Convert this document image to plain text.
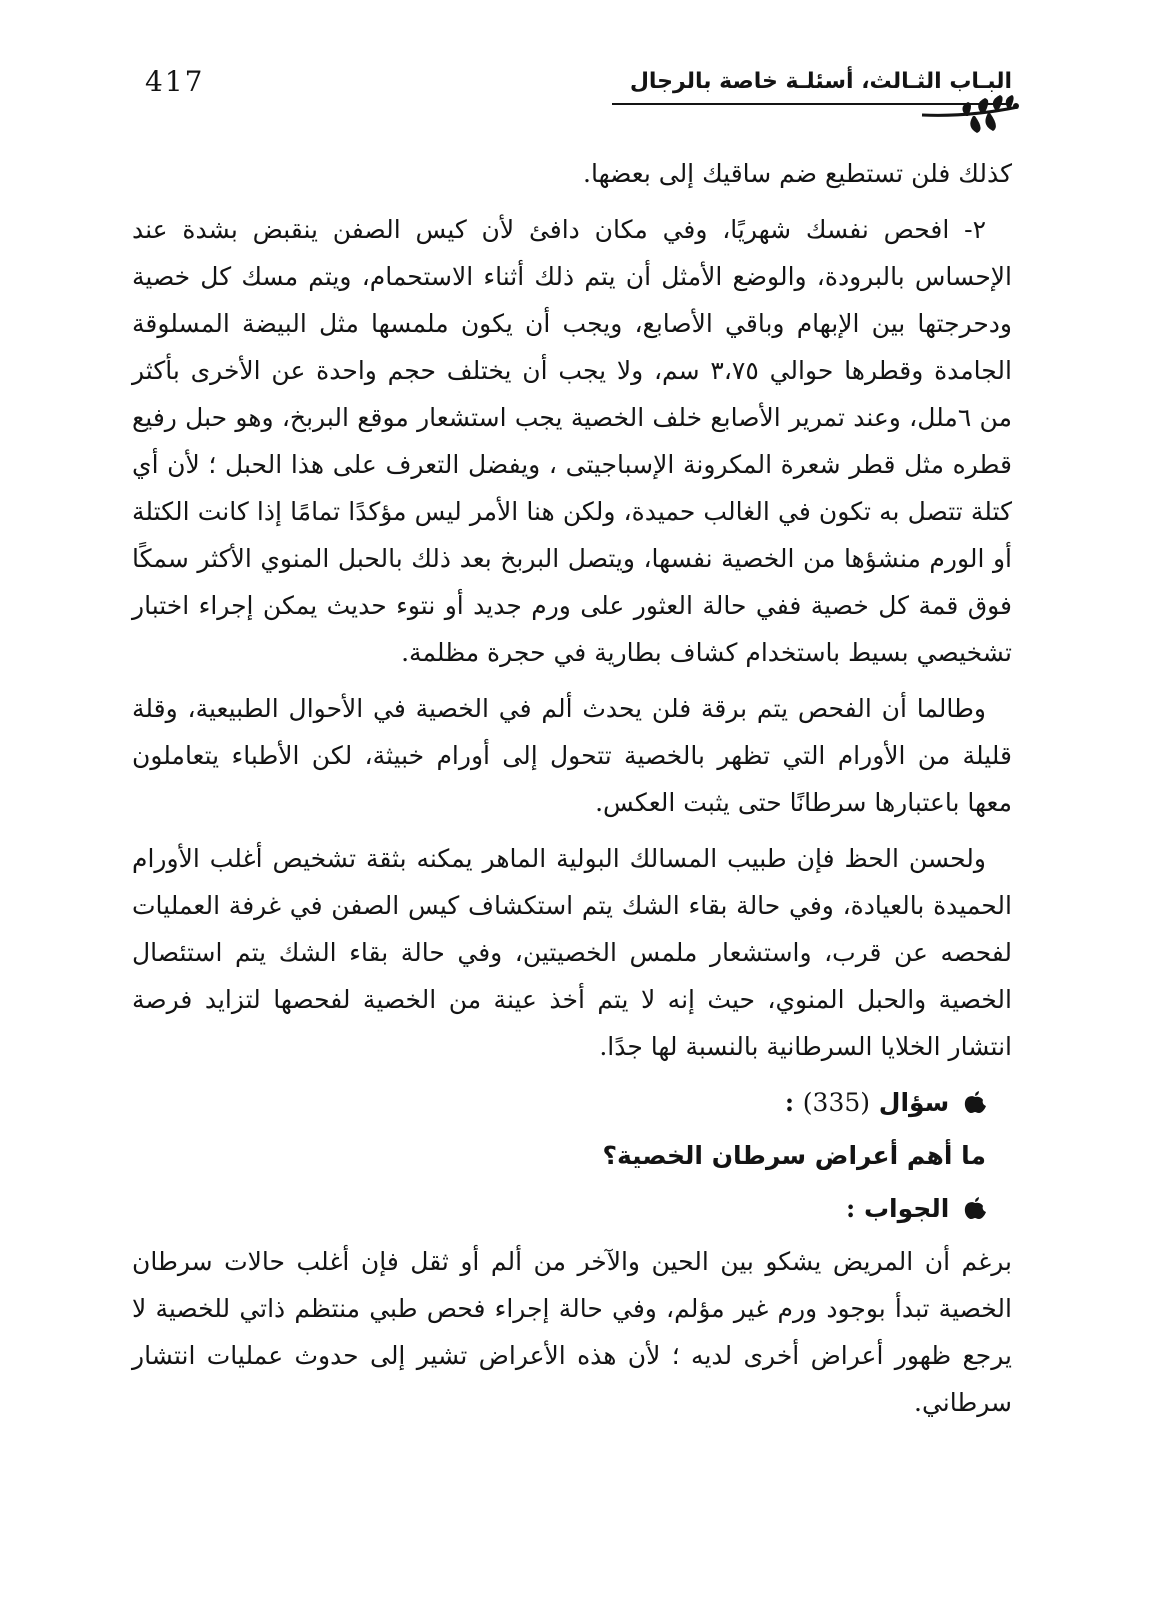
417	البـاب الثـالث، أسئلـة خاصة بالرجال

كذلك فلن تستطيع ضم ساقيك إلى بعضها.

٢- افحص نفسك شهريًا، وفي مكان دافئ لأن كيس الصفن ينقبض بشدة عند الإحساس بالبرودة، والوضع الأمثل أن يتم ذلك أثناء الاستحمام، ويتم مسك كل خصية ودحرجتها بين الإبهام وباقي الأصابع، ويجب أن يكون ملمسها مثل البيضة المسلوقة الجامدة وقطرها حوالي ٣،٧٥ سم، ولا يجب أن يختلف حجم واحدة عن الأخرى بأكثر من ٦ملل، وعند تمرير الأصابع خلف الخصية يجب استشعار موقع البربخ، وهو حبل رفيع قطره مثل قطر شعرة المكرونة الإسباجيتى ، ويفضل التعرف على هذا الحبل ؛ لأن أي كتلة تتصل به تكون في الغالب حميدة، ولكن هنا الأمر ليس مؤكدًا تمامًا إذا كانت الكتلة أو الورم منشؤها من الخصية نفسها، ويتصل البربخ بعد ذلك بالحبل المنوي الأكثر سمكًا فوق قمة كل خصية ففي حالة العثور على ورم جديد أو نتوء حديث يمكن إجراء اختبار تشخيصي بسيط باستخدام كشاف بطارية في حجرة مظلمة.

وطالما أن الفحص يتم برقة فلن يحدث ألم في الخصية في الأحوال الطبيعية، وقلة قليلة من الأورام التي تظهر بالخصية تتحول إلى أورام خبيثة، لكن الأطباء يتعاملون معها باعتبارها سرطانًا حتى يثبت العكس.

ولحسن الحظ فإن طبيب المسالك البولية الماهر يمكنه بثقة تشخيص أغلب الأورام الحميدة بالعيادة، وفي حالة بقاء الشك يتم استكشاف كيس الصفن في غرفة العمليات لفحصه عن قرب، واستشعار ملمس الخصيتين، وفي حالة بقاء الشك يتم استئصال الخصية والحبل المنوي، حيث إنه لا يتم أخذ عينة من الخصية لفحصها لتزايد فرصة انتشار الخلايا السرطانية بالنسبة لها جدًا.

سؤال (335) :
ما أهم أعراض سرطان الخصية؟
الجواب :

برغم أن المريض يشكو بين الحين والآخر من ألم أو ثقل فإن أغلب حالات سرطان الخصية تبدأ بوجود ورم غير مؤلم، وفي حالة إجراء فحص طبي منتظم ذاتي للخصية لا يرجع ظهور أعراض أخرى لديه ؛ لأن هذه الأعراض تشير إلى حدوث عمليات انتشار سرطاني.
